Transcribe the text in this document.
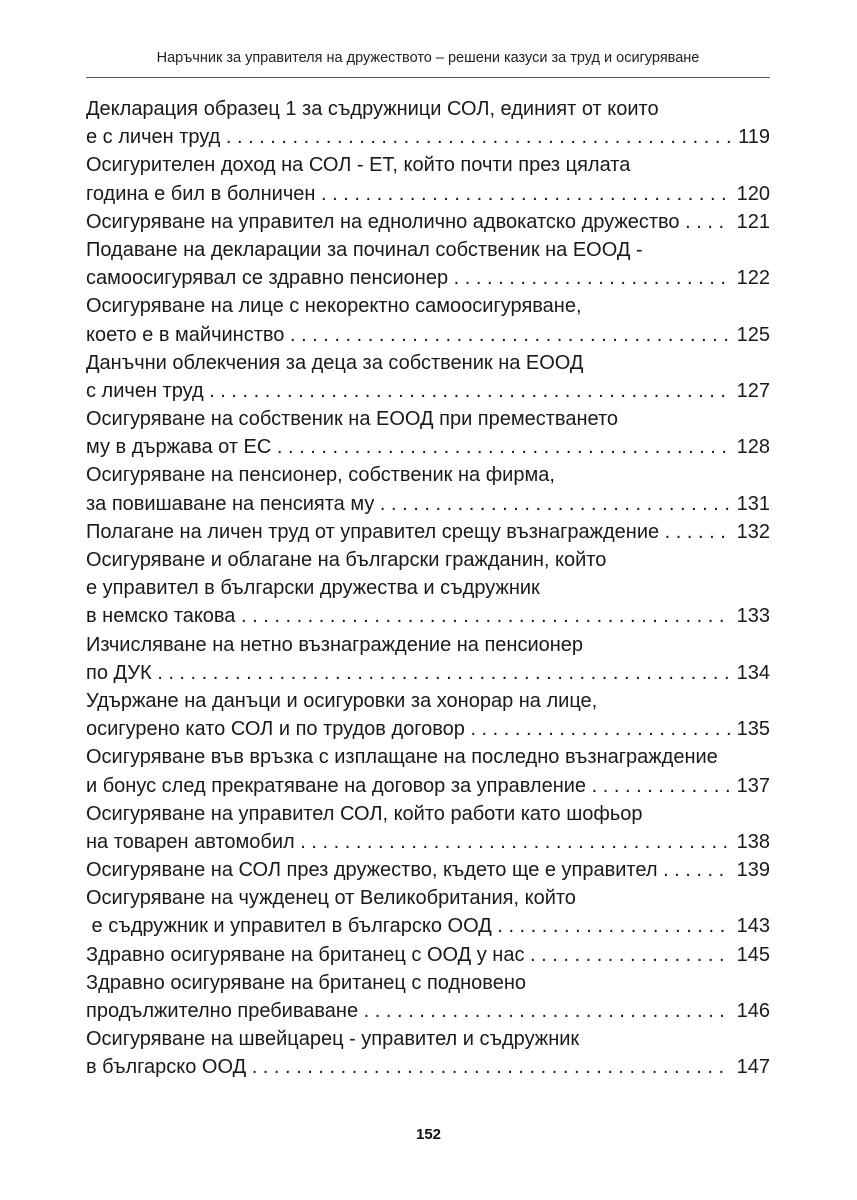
Наръчник за управителя на дружеството – решени казуси за труд и осигуряване
Декларация образец 1 за съдружници СОЛ, единият от които
е с личен труд . . .	119
Осигурителен доход на СОЛ - ЕТ, който почти през цялата
година е бил в болничен . . .	120
Осигуряване на управител на еднолично адвокатско дружество . . .	121
Подаване на декларации за починал собственик на ЕООД -
самоосигурявал се здравно пенсионер . . .	122
Осигуряване на лице с некоректно самоосигуряване,
което е в майчинство . . .	125
Данъчни облекчения за деца за собственик на ЕООД
с личен труд . . .	127
Осигуряване на собственик на ЕООД при преместването
му в държава от ЕС . . .	128
Осигуряване на пенсионер, собственик на фирма,
за повишаване на пенсията му . . .	131
Полагане на личен труд от управител срещу възнаграждение . . .	132
Осигуряване и облагане на български гражданин, който
е управител в български дружества и съдружник
в немско такова . . .	133
Изчисляване на нетно възнаграждение на пенсионер
по ДУК . . .	134
Удържане на данъци и осигуровки за хонорар на лице,
осигурено като СОЛ и по трудов договор . . .	135
Осигуряване във връзка с изплащане на последно възнаграждение
и бонус след прекратяване на договор за управление . . .	137
Осигуряване на управител СОЛ, който работи като шофьор
на товарен автомобил . . .	138
Осигуряване на СОЛ през дружество, където ще е управител . . .	139
Осигуряване на чужденец от Великобритания, който
е съдружник и управител в българско ООД . . .	143
Здравно осигуряване на британец с ООД у нас . . .	145
Здравно осигуряване на британец с подновено
продължително пребиваване . . .	146
Осигуряване на швейцарец - управител и съдружник
в българско ООД . . .	147
152
